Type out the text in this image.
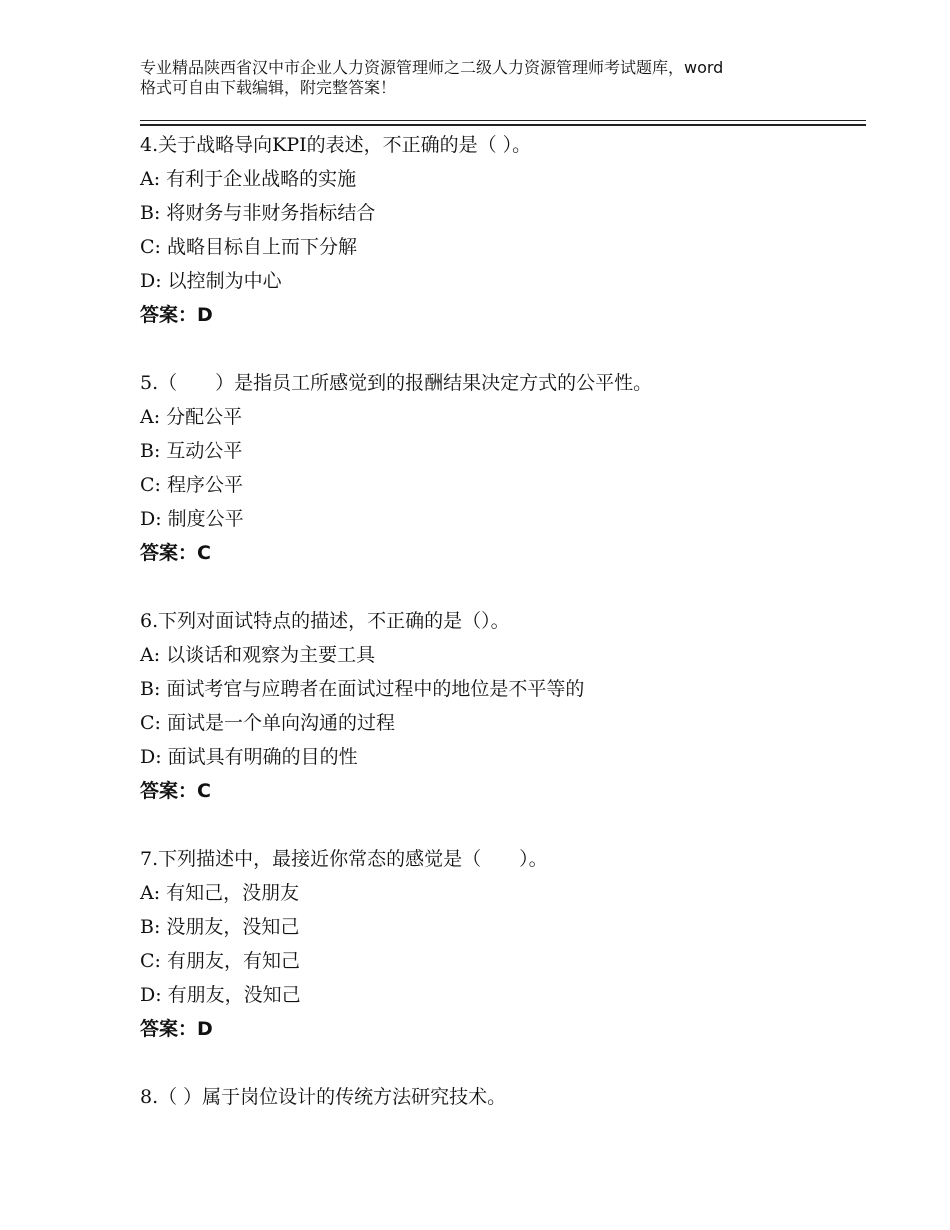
专业精品陕西省汉中市企业人力资源管理师之二级人力资源管理师考试题库，word
格式可自由下载编辑，附完整答案！
4.关于战略导向KPI的表述，不正确的是（ ）。
A: 有利于企业战略的实施
B: 将财务与非财务指标结合
C: 战略目标自上而下分解
D: 以控制为中心
答案：D
5.（　　）是指员工所感觉到的报酬结果决定方式的公平性。
A: 分配公平
B: 互动公平
C: 程序公平
D: 制度公平
答案：C
6.下列对面试特点的描述，不正确的是（）。
A: 以谈话和观察为主要工具
B: 面试考官与应聘者在面试过程中的地位是不平等的
C: 面试是一个单向沟通的过程
D: 面试具有明确的目的性
答案：C
7.下列描述中，最接近你常态的感觉是（　　）。
A: 有知己，没朋友
B: 没朋友，没知己
C: 有朋友，有知己
D: 有朋友，没知己
答案：D
8.（ ）属于岗位设计的传统方法研究技术。
